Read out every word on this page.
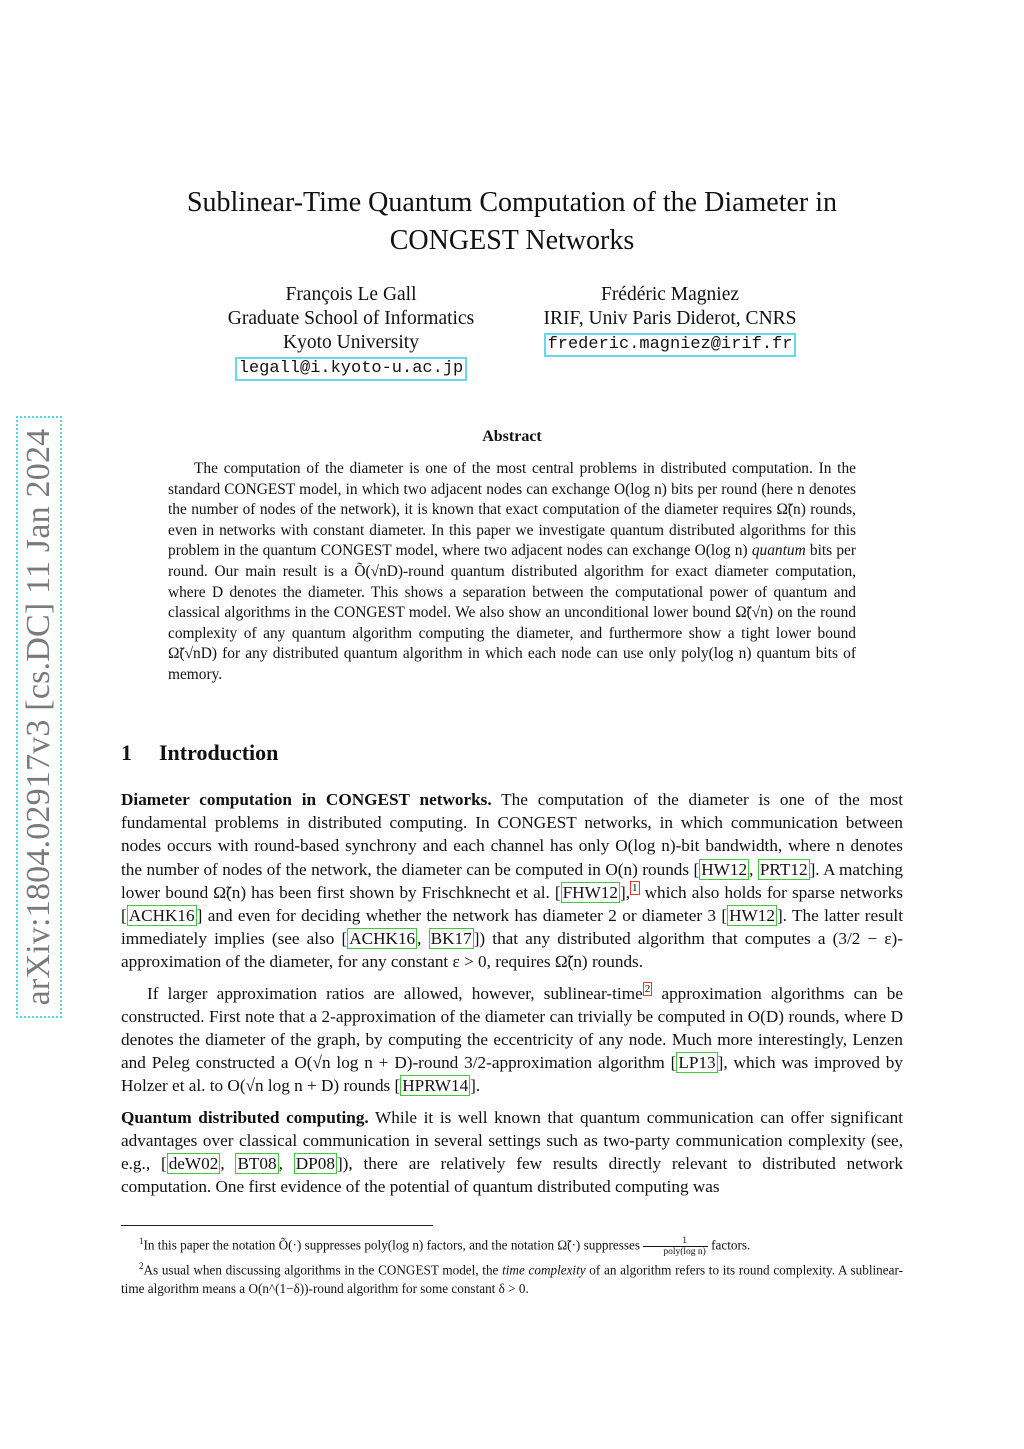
arXiv:1804.02917v3 [cs.DC] 11 Jan 2024
Sublinear-Time Quantum Computation of the Diameter in
CONGEST Networks
François Le Gall
Graduate School of Informatics
Kyoto University
legall@i.kyoto-u.ac.jp
Frédéric Magniez
IRIF, Univ Paris Diderot, CNRS
frederic.magniez@irif.fr
Abstract

The computation of the diameter is one of the most central problems in distributed computation. In the standard CONGEST model, in which two adjacent nodes can exchange O(log n) bits per round (here n denotes the number of nodes of the network), it is known that exact computation of the diameter requires Ω̃(n) rounds, even in networks with constant diameter. In this paper we investigate quantum distributed algorithms for this problem in the quantum CONGEST model, where two adjacent nodes can exchange O(log n) quantum bits per round. Our main result is a Õ(√nD)-round quantum distributed algorithm for exact diameter computation, where D denotes the diameter. This shows a separation between the computational power of quantum and classical algorithms in the CONGEST model. We also show an unconditional lower bound Ω̃(√n) on the round complexity of any quantum algorithm computing the diameter, and furthermore show a tight lower bound Ω̃(√nD) for any distributed quantum algorithm in which each node can use only poly(log n) quantum bits of memory.

1 Introduction

Diameter computation in CONGEST networks. The computation of the diameter is one of the most fundamental problems in distributed computing. In CONGEST networks, in which communication between nodes occurs with round-based synchrony and each channel has only O(log n)-bit bandwidth, where n denotes the number of nodes of the network, the diameter can be computed in O(n) rounds [ HW12 , PRT12 ]. A matching lower bound Ω̃(n) has been first shown by Frischknecht et al. [ FHW12 ], $^1$ which also holds for sparse networks [ ACHK16 ] and even for deciding whether the network has diameter 2 or diameter 3 [ HW12 ]. The latter result immediately implies (see also [ ACHK16 , BK17 ]) that any distributed algorithm that computes a (3/2 − ε)-approximation of the diameter, for any constant ε > 0, requires Ω̃(n) rounds.

If larger approximation ratios are allowed, however, sublinear-time $^2$ approximation algorithms can be constructed. First note that a 2-approximation of the diameter can trivially be computed in O(D) rounds, where D denotes the diameter of the graph, by computing the eccentricity of any node. Much more interestingly, Lenzen and Peleg constructed a O(√n log n + D)-round 3/2-approximation algorithm [ LP13 ], which was improved by Holzer et al. to O(√n log n + D) rounds [ HPRW14 ].

Quantum distributed computing. While it is well known that quantum communication can offer significant advantages over classical communication in several settings such as two-party communication complexity (see, e.g., [ deW02 , BT08 , DP08 ]), there are relatively few results directly relevant to distributed network computation. One first evidence of the potential of quantum distributed computing was

$^1$In this paper the notation Õ(·) suppresses poly(log n) factors, and the notation Ω̃(·) suppresses $\frac{1}{\text{poly(log n)}}$ factors.

$^2$As usual when discussing algorithms in the CONGEST model, the time complexity of an algorithm refers to its round complexity. A sublinear-time algorithm means a O(n^(1−δ))-round algorithm for some constant δ > 0.
